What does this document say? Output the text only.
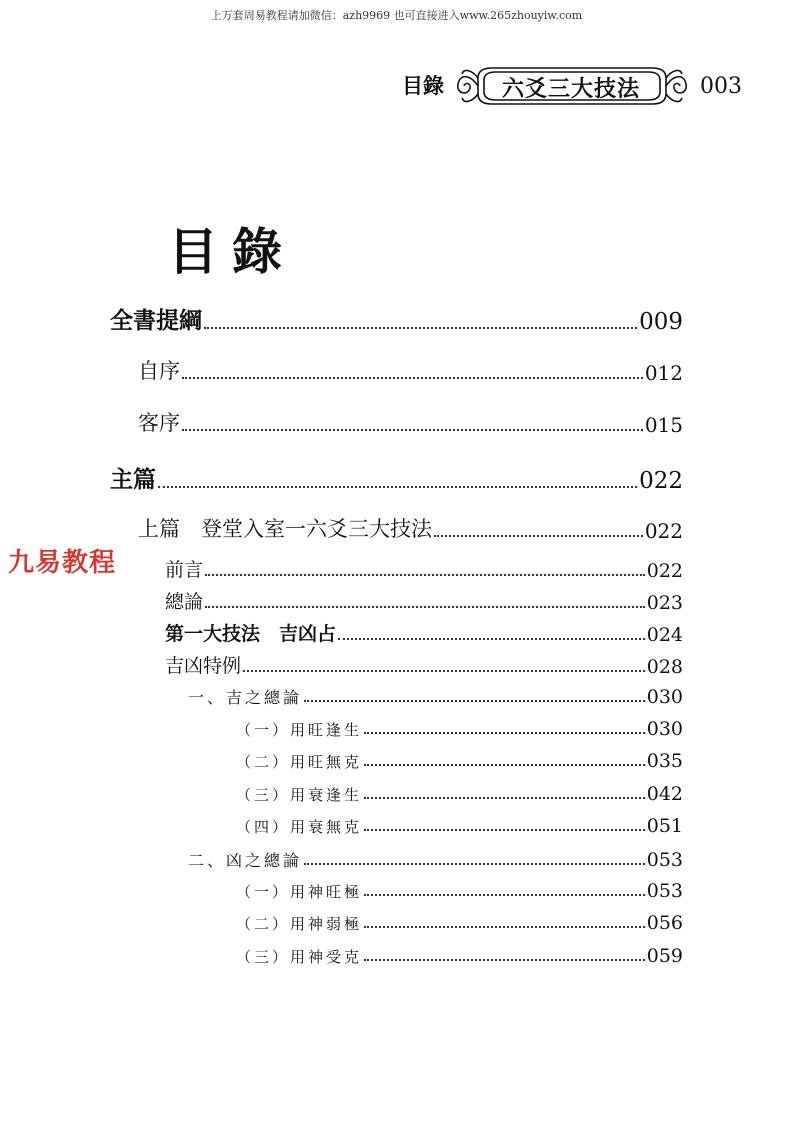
上万套周易教程请加微信：azh9969 也可直接进入www.265zhouyiw.com
目錄	六爻三大技法	003
目錄
九易教程
全書提綱	009
自序	012
客序	015
主篇	022
上篇　登堂入室一六爻三大技法	022
前言	022
總論	023
第一大技法　吉凶占	024
吉凶特例	028
一、吉之總論	030
（一）用旺逢生	030
（二）用旺無克	035
（三）用衰逢生	042
（四）用衰無克	051
二、凶之總論	053
（一）用神旺極	053
（二）用神弱極	056
（三）用神受克	059
